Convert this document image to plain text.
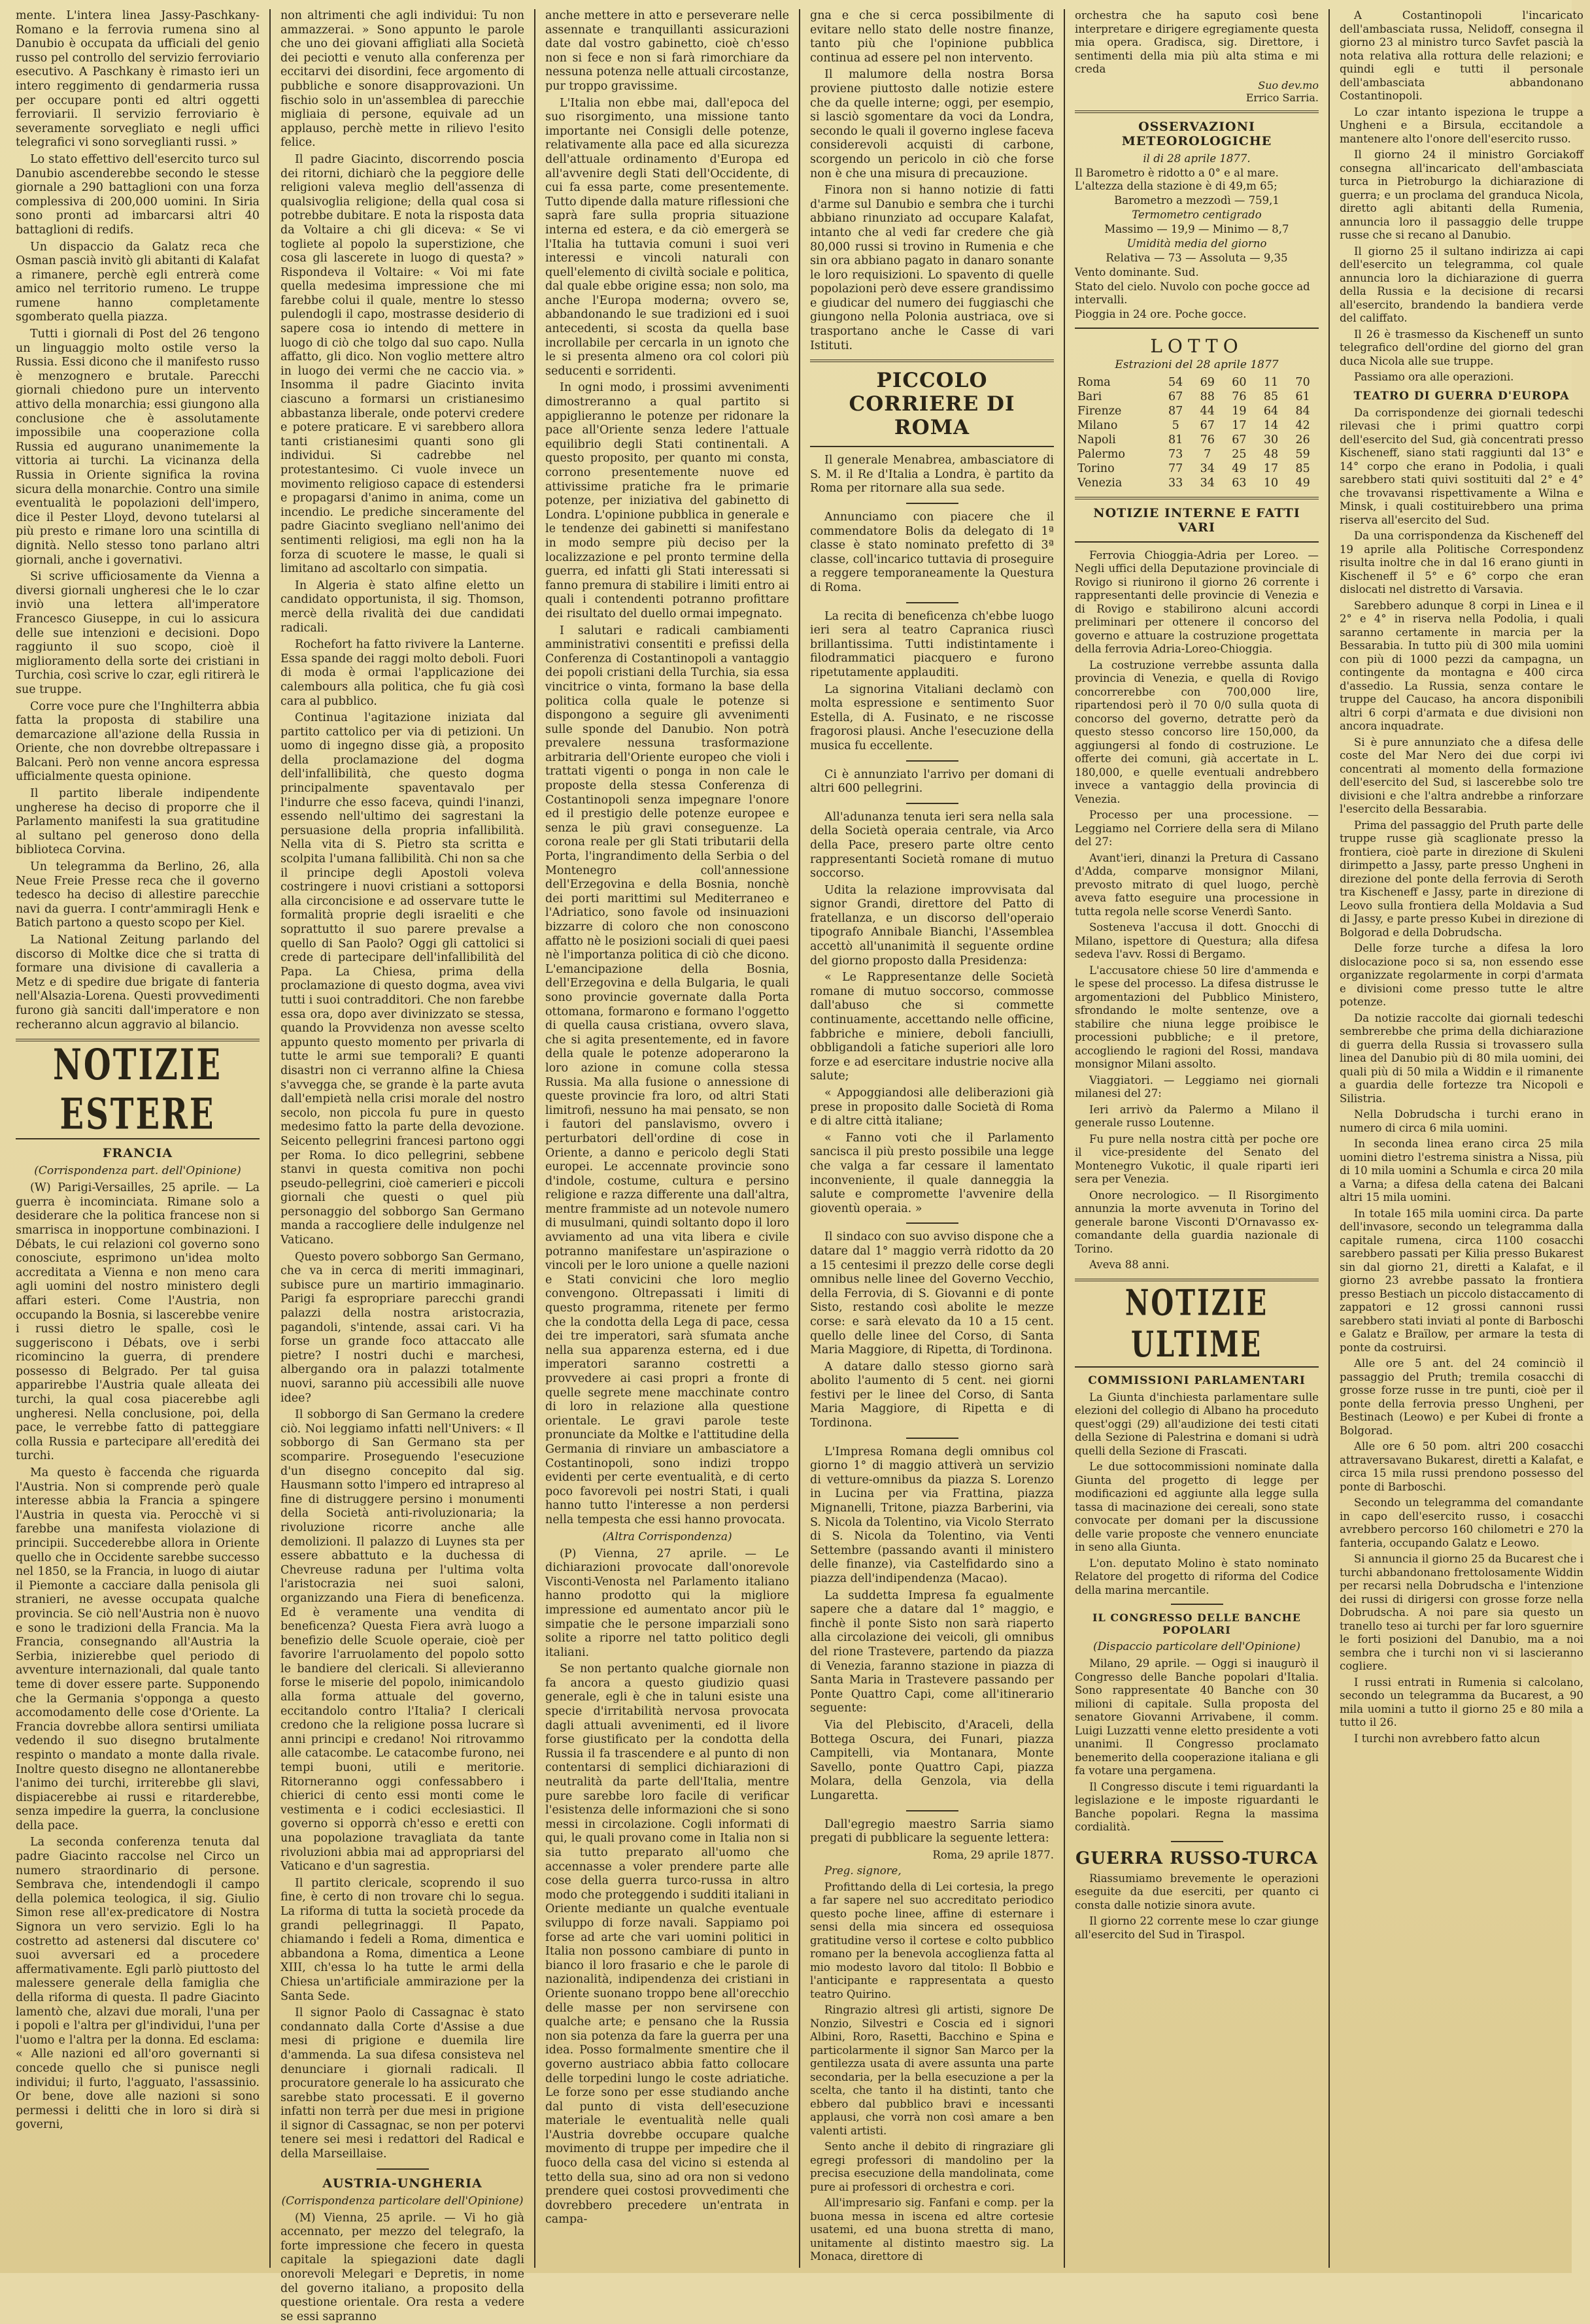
mente. L'intera linea Jassy-Paschkany-Romano e la ferrovia rumena sino al Danubio è occupata da ufficiali del genio russo pel controllo del servizio ferroviario esecutivo. A Paschkany è rimasto ieri un intero reggimento di gendarmeria russa per occupare ponti ed altri oggetti ferroviarii. Il servizio ferroviario è severamente sorvegliato e negli uffici telegrafici vi sono sorveglianti russi. »

Lo stato effettivo dell'esercito turco sul Danubio ascenderebbe secondo le stesse giornale a 290 battaglioni con una forza complessiva di 200,000 uomini. In Siria sono pronti ad imbarcarsi altri 40 battaglioni di redifs.

Un dispaccio da Galatz reca che Osman pascià invitò gli abitanti di Kalafat a rimanere, perchè egli entrerà come amico nel territorio rumeno. Le truppe rumene hanno completamente sgomberato quella piazza.

Tutti i giornali di Post del 26 tengono un linguaggio molto ostile verso la Russia. Essi dicono che il manifesto russo è menzognero e brutale. Parecchi giornali chiedono pure un intervento attivo della monarchia; essi giungono alla conclusione che è assolutamente impossibile una cooperazione colla Russia ed augurano unanimemente la vittoria ai turchi. La vicinanza della Russia in Oriente significa la rovina sicura della monarchie. Contro una simile eventualità le popolazioni dell'impero, dice il Pester Lloyd, devono tutelarsi al più presto e rimane loro una scintilla di dignità. Nello stesso tono parlano altri giornali, anche i governativi.

Si scrive ufficiosamente da Vienna a diversi giornali ungheresi che le lo czar inviò una lettera all'imperatore Francesco Giuseppe, in cui lo assicura delle sue intenzioni e decisioni. Dopo raggiunto il suo scopo, cioè il miglioramento della sorte dei cristiani in Turchia, così scrive lo czar, egli ritirerà le sue truppe.

Corre voce pure che l'Inghilterra abbia fatta la proposta di stabilire una demarcazione all'azione della Russia in Oriente, che non dovrebbe oltrepassare i Balcani. Però non venne ancora espressa ufficialmente questa opinione.

Il partito liberale indipendente ungherese ha deciso di proporre che il Parlamento manifesti la sua gratitudine al sultano pel generoso dono della biblioteca Corvina.

Un telegramma da Berlino, 26, alla Neue Freie Presse reca che il governo tedesco ha deciso di allestire parecchie navi da guerra. I contr'ammiragli Henk e Batich partono a questo scopo per Kiel.

La National Zeitung parlando del discorso di Moltke dice che si tratta di formare una divisione di cavalleria a Metz e di spedire due brigate di fanteria nell'Alsazia-Lorena. Questi provvedimenti furono già sanciti dall'imperatore e non recheranno alcun aggravio al bilancio.

NOTIZIE ESTERE
FRANCIA
(Corrispondenza part. dell'Opinione)

(W) Parigi-Versailles, 25 aprile. — La guerra è incominciata. Rimane solo a desiderare che la politica francese non si smarrisca in inopportune combinazioni. I Débats, le cui relazioni col governo sono conosciute, esprimono un'idea molto accreditata a Vienna e non meno cara agli uomini del nostro ministero degli affari esteri. Come l'Austria, non occupando la Bosnia, si lascerebbe venire i russi dietro le spalle, così le suggeriscono i Débats, ove i serbi ricomincino la guerra, di prendere possesso di Belgrado. Per tal guisa apparirebbe l'Austria quale alleata dei turchi, la qual cosa piacerebbe agli ungheresi. Nella conclusione, poi, della pace, le verrebbe fatto di patteggiare colla Russia e partecipare all'eredità dei turchi.

Ma questo è faccenda che riguarda l'Austria. Non si comprende però quale interesse abbia la Francia a spingere l'Austria in questa via. Perocchè vi si farebbe una manifesta violazione di principii. Succederebbe allora in Oriente quello che in Occidente sarebbe successo nel 1850, se la Francia, in luogo di aiutar il Piemonte a cacciare dalla penisola gli stranieri, ne avesse occupata qualche provincia. Se ciò nell'Austria non è nuovo e sono le tradizioni della Francia. Ma la Francia, consegnando all'Austria la Serbia, inizierebbe quel periodo di avventure internazionali, dal quale tanto teme di dover essere parte. Supponendo che la Germania s'opponga a questo accomodamento delle cose d'Oriente. La Francia dovrebbe allora sentirsi umiliata vedendo il suo disegno brutalmente respinto o mandato a monte dalla rivale. Inoltre questo disegno ne allontanerebbe l'animo dei turchi, irriterebbe gli slavi, dispiacerebbe ai russi e ritarderebbe, senza impedire la guerra, la conclusione della pace.

La seconda conferenza tenuta dal padre Giacinto raccolse nel Circo un numero straordinario di persone. Sembrava che, intendendogli il campo della polemica teologica, il sig. Giulio Simon rese all'ex-predicatore di Nostra Signora un vero servizio. Egli lo ha costretto ad astenersi dal discutere co' suoi avversari ed a procedere affermativamente. Egli parlò piuttosto del malessere generale della famiglia che della riforma di questa. Il padre Giacinto lamentò che, alzavi due morali, l'una per i popoli e l'altra per gl'individui, l'una per l'uomo e l'altra per la donna. Ed esclama: « Alle nazioni ed all'oro governanti si concede quello che si punisce negli individui; il furto, l'agguato, l'assassinio. Or bene, dove alle nazioni si sono permessi i delitti che in loro si dirà si governi,

non altrimenti che agli individui: Tu non ammazzerai. » Sono appunto le parole che uno dei giovani affigliati alla Società dei peciotti e venuto alla conferenza per eccitarvi dei disordini, fece argomento di pubbliche e sonore disapprovazioni. Un fischio solo in un'assemblea di parecchie migliaia di persone, equivale ad un applauso, perchè mette in rilievo l'esito felice.

Il padre Giacinto, discorrendo poscia dei ritorni, dichiarò che la peggiore delle religioni valeva meglio dell'assenza di qualsivoglia religione; della qual cosa si potrebbe dubitare. E nota la risposta data da Voltaire a chi gli diceva: « Se vi togliete al popolo la superstizione, che cosa gli lascerete in luogo di questa? » Rispondeva il Voltaire: « Voi mi fate quella medesima impressione che mi farebbe colui il quale, mentre lo stesso pulendogli il capo, mostrasse desiderio di sapere cosa io intendo di mettere in luogo di ciò che tolgo dal suo capo. Nulla affatto, gli dico. Non voglio mettere altro in luogo dei vermi che ne caccio via. » Insomma il padre Giacinto invita ciascuno a formarsi un cristianesimo abbastanza liberale, onde potervi credere e potere praticare. E vi sarebbero allora tanti cristianesimi quanti sono gli individui. Si cadrebbe nel protestantesimo. Ci vuole invece un movimento religioso capace di estendersi e propagarsi d'animo in anima, come un incendio. Le prediche sinceramente del padre Giacinto svegliano nell'animo dei sentimenti religiosi, ma egli non ha la forza di scuotere le masse, le quali si limitano ad ascoltarlo con simpatia.

In Algeria è stato alfine eletto un candidato opportunista, il sig. Thomson, mercè della rivalità dei due candidati radicali.

Rochefort ha fatto rivivere la Lanterne. Essa spande dei raggi molto deboli. Fuori di moda è ormai l'applicazione dei calembours alla politica, che fu già così cara al pubblico.

Continua l'agitazione iniziata dal partito cattolico per via di petizioni. Un uomo di ingegno disse già, a proposito della proclamazione del dogma dell'infallibilità, che questo dogma principalmente spaventavalo per l'indurre che esso faceva, quindi l'inanzi, essendo nell'ultimo dei sagrestani la persuasione della propria infallibilità. Nella vita di S. Pietro sta scritta e scolpita l'umana fallibilità. Chi non sa che il principe degli Apostoli voleva costringere i nuovi cristiani a sottoporsi alla circoncisione e ad osservare tutte le formalità proprie degli israeliti e che soprattutto il suo parere prevalse a quello di San Paolo? Oggi gli cattolici si crede di partecipare dell'infallibilità del Papa. La Chiesa, prima della proclamazione di questo dogma, avea vivi tutti i suoi contradditori. Che non farebbe essa ora, dopo aver divinizzato se stessa, quando la Provvidenza non avesse scelto appunto questo momento per privarla di tutte le armi sue temporali? E quanti disastri non ci verranno alfine la Chiesa s'avvegga che, se grande è la parte avuta dall'empietà nella crisi morale del nostro secolo, non piccola fu pure in questo medesimo fatto la parte della devozione. Seicento pellegrini francesi partono oggi per Roma. Io dico pellegrini, sebbene stanvi in questa comitiva non pochi pseudo-pellegrini, cioè camerieri e piccoli giornali che questi o quel più personaggio del sobborgo San Germano manda a raccogliere delle indulgenze nel Vaticano.

Questo povero sobborgo San Germano, che va in cerca di meriti immaginari, subisce pure un martirio immaginario. Parigi fa espropriare parecchi grandi palazzi della nostra aristocrazia, pagandoli, s'intende, assai cari. Vi ha forse un grande foco attaccato alle pietre? I nostri duchi e marchesi, albergando ora in palazzi totalmente nuovi, saranno più accessibili alle nuove idee?

Il sobborgo di San Germano la credere ciò. Noi leggiamo infatti nell'Univers: « Il sobborgo di San Germano sta per scomparire. Proseguendo l'esecuzione d'un disegno concepito dal sig. Hausmann sotto l'impero ed intrapreso al fine di distruggere persino i monumenti della Società anti-rivoluzionaria; la rivoluzione ricorre anche alle demolizioni. Il palazzo di Luynes sta per essere abbattuto e la duchessa di Chevreuse raduna per l'ultima volta l'aristocrazia nei suoi saloni, organizzando una Fiera di beneficenza. Ed è veramente una vendita di beneficenza? Questa Fiera avrà luogo a benefizio delle Scuole operaie, cioè per favorire l'arruolamento del popolo sotto le bandiere del clericali. Si allevieranno forse le miserie del popolo, inimicandolo alla forma attuale del governo, eccitandolo contro l'Italia? I clericali credono che la religione possa lucrare sì anni principi e credano! Noi ritrovammo alle catacombe. Le catacombe furono, nei tempi buoni, utili e meritorie. Ritorneranno oggi confessabbero i chierici di cento essi monti come le vestimenta e i codici ecclesiastici. Il governo si opporrà ch'esso e eretti con una popolazione travagliata da tante rivoluzioni abbia mai ad appropriarsi del Vaticano e d'un sagrestia.

Il partito clericale, scoprendo il suo fine, è certo di non trovare chi lo segua. La riforma di tutta la società procede da grandi pellegrinaggi. Il Papato, chiamando i fedeli a Roma, dimentica e abbandona a Roma, dimentica a Leone XIII, ch'essa lo ha tutte le armi della Chiesa un'artificiale ammirazione per la Santa Sede.

Il signor Paolo di Cassagnac è stato condannato dalla Corte d'Assise a due mesi di prigione e duemila lire d'ammenda. La sua difesa consisteva nel denunciare i giornali radicali. Il procuratore generale lo ha assicurato che sarebbe stato processati. E il governo infatti non terrà per due mesi in prigione il signor di Cassagnac, se non per potervi tenere sei mesi i redattori del Radical e della Marseillaise.

AUSTRIA-UNGHERIA
(Corrispondenza particolare dell'Opinione)

(M) Vienna, 25 aprile. — Vi ho già accennato, per mezzo del telegrafo, la forte impressione che fecero in questa capitale la spiegazioni date dagli onorevoli Melegari e Depretis, in nome del governo italiano, a proposito della questione orientale. Ora resta a vedere se essi sapranno

anche mettere in atto e perseverare nelle assennate e tranquillanti assicurazioni date dal vostro gabinetto, cioè ch'esso non si fece e non si farà rimorchiare da nessuna potenza nelle attuali circostanze, pur troppo gravissime.

L'Italia non ebbe mai, dall'epoca del suo risorgimento, una missione tanto importante nei Consigli delle potenze, relativamente alla pace ed alla sicurezza dell'attuale ordinamento d'Europa ed all'avvenire degli Stati dell'Occidente, di cui fa essa parte, come presentemente. Tutto dipende dalla mature riflessioni che saprà fare sulla propria situazione interna ed estera, e da ciò emergerà se l'Italia ha tuttavia comuni i suoi veri interessi e vincoli naturali con quell'elemento di civiltà sociale e politica, dal quale ebbe origine essa; non solo, ma anche l'Europa moderna; ovvero se, abbandonando le sue tradizioni ed i suoi antecedenti, si scosta da quella base incrollabile per cercarla in un ignoto che le si presenta almeno ora col colori più seducenti e sorridenti.

In ogni modo, i prossimi avvenimenti dimostreranno a qual partito si appiglieranno le potenze per ridonare la pace all'Oriente senza ledere l'attuale equilibrio degli Stati continentali. A questo proposito, per quanto mi consta, corrono presentemente nuove ed attivissime pratiche fra le primarie potenze, per iniziativa del gabinetto di Londra. L'opinione pubblica in generale e le tendenze dei gabinetti si manifestano in modo sempre più deciso per la localizzazione e pel pronto termine della guerra, ed infatti gli Stati interessati si fanno premura di stabilire i limiti entro ai quali i contendenti potranno profittare dei risultato del duello ormai impegnato.

I salutari e radicali cambiamenti amministrativi consentiti e prefissi della Conferenza di Costantinopoli a vantaggio dei popoli cristiani della Turchia, sia essa vincitrice o vinta, formano la base della politica colla quale le potenze si dispongono a seguire gli avvenimenti sulle sponde del Danubio. Non potrà prevalere nessuna trasformazione arbitraria dell'Oriente europeo che violi i trattati vigenti o ponga in non cale le proposte della stessa Conferenza di Costantinopoli senza impegnare l'onore ed il prestigio delle potenze europee e senza le più gravi conseguenze. La corona reale per gli Stati tributarii della Porta, l'ingrandimento della Serbia o del Montenegro coll'annessione dell'Erzegovina e della Bosnia, nonchè dei porti marittimi sul Mediterraneo e l'Adriatico, sono favole od insinuazioni bizzarre di coloro che non conoscono affatto nè le posizioni sociali di quei paesi nè l'importanza politica di ciò che dicono. L'emancipazione della Bosnia, dell'Erzegovina e della Bulgaria, le quali sono provincie governate dalla Porta ottomana, formarono e formano l'oggetto di quella causa cristiana, ovvero slava, che si agita presentemente, ed in favore della quale le potenze adoperarono la loro azione in comune colla stessa Russia. Ma alla fusione o annessione di queste provincie fra loro, od altri Stati limitrofi, nessuno ha mai pensato, se non i fautori del panslavismo, ovvero i perturbatori dell'ordine di cose in Oriente, a danno e pericolo degli Stati europei. Le accennate provincie sono d'indole, costume, cultura e persino religione e razza differente una dall'altra, mentre frammiste ad un notevole numero di musulmani, quindi soltanto dopo il loro avviamento ad una vita libera e civile potranno manifestare un'aspirazione o vincoli per le loro unione a quelle nazioni e Stati convicini che loro meglio convengono. Oltrepassati i limiti di questo programma, ritenete per fermo che la condotta della Lega di pace, cessa dei tre imperatori, sarà sfumata anche nella sua apparenza esterna, ed i due imperatori saranno costretti a provvedere ai casi propri a fronte di quelle segrete mene macchinate contro di loro in relazione alla questione orientale. Le gravi parole teste pronunciate da Moltke e l'attitudine della Germania di rinviare un ambasciatore a Costantinopoli, sono indizi troppo evidenti per certe eventualità, e di certo poco favorevoli pei nostri Stati, i quali hanno tutto l'interesse a non perdersi nella tempesta che essi hanno provocata.

(Altra Corrispondenza)

(P) Vienna, 27 aprile. — Le dichiarazioni provocate dall'onorevole Visconti-Venosta nel Parlamento italiano hanno prodotto qui la migliore impressione ed aumentato ancor più le simpatie che le persone imparziali sono solite a riporre nel tatto politico degli italiani.

Se non pertanto qualche giornale non fa ancora a questo giudizio quasi generale, egli è che in taluni esiste una specie d'irritabilità nervosa provocata dagli attuali avvenimenti, ed il livore forse giustificato per la condotta della Russia il fa trascendere e al punto di non contentarsi di semplici dichiarazioni di neutralità da parte dell'Italia, mentre pure sarebbe loro facile di verificar l'esistenza delle informazioni che si sono messi in circolazione. Cogli informati di qui, le quali provano come in Italia non si sia tutto preparato all'uomo che accennasse a voler prendere parte alle cose della guerra turco-russa in altro modo che proteggendo i sudditi italiani in Oriente mediante un qualche eventuale sviluppo di forze navali. Sappiamo poi forse ad arte che vari uomini politici in Italia non possono cambiare di punto in bianco il loro frasario e che le parole di nazionalità, indipendenza dei cristiani in Oriente suonano troppo bene all'orecchio delle masse per non servirsene con qualche arte; e pensano che la Russia non sia potenza da fare la guerra per una idea. Posso formalmente smentire che il governo austriaco abbia fatto collocare delle torpedini lungo le coste adriatiche. Le forze sono per esse studiando anche dal punto di vista dell'esecuzione materiale le eventualità nelle quali l'Austria dovrebbe occupare qualche movimento di truppe per impedire che il fuoco della casa del vicino si estenda al tetto della sua, sino ad ora non si vedono prendere quei costosi provvedimenti che dovrebbero precedere un'entrata in campa-

gna e che si cerca possibilmente di evitare nello stato delle nostre finanze, tanto più che l'opinione pubblica continua ad essere pel non intervento.

Il malumore della nostra Borsa proviene piuttosto dalle notizie estere che da quelle interne; oggi, per esempio, si lasciò sgomentare da voci da Londra, secondo le quali il governo inglese faceva considerevoli acquisti di carbone, scorgendo un pericolo in ciò che forse non è che una misura di precauzione.

Finora non si hanno notizie di fatti d'arme sul Danubio e sembra che i turchi abbiano rinunziato ad occupare Kalafat, intanto che al vedi far credere che già 80,000 russi si trovino in Rumenia e che sin ora abbiano pagato in danaro sonante le loro requisizioni. Lo spavento di quelle popolazioni però deve essere grandissimo e giudicar del numero dei fuggiaschi che giungono nella Polonia austriaca, ove si trasportano anche le Casse di vari Istituti.

PICCOLO CORRIERE DI ROMA

Il generale Menabrea, ambasciatore di S. M. il Re d'Italia a Londra, è partito da Roma per ritornare alla sua sede.

Annunciamo con piacere che il commendatore Bolis da delegato di 1ª classe è stato nominato prefetto di 3ª classe, coll'incarico tuttavia di proseguire a reggere temporaneamente la Questura di Roma.

La recita di beneficenza ch'ebbe luogo ieri sera al teatro Capranica riuscì brillantissima. Tutti indistintamente i filodrammatici piacquero e furono ripetutamente applauditi.

La signorina Vitaliani declamò con molta espressione e sentimento Suor Estella, di A. Fusinato, e ne riscosse fragorosi plausi. Anche l'esecuzione della musica fu eccellente.

Ci è annunziato l'arrivo per domani di altri 600 pellegrini.

All'adunanza tenuta ieri sera nella sala della Società operaia centrale, via Arco della Pace, presero parte oltre cento rappresentanti Società romane di mutuo soccorso.

Udita la relazione improvvisata dal signor Grandi, direttore del Patto di fratellanza, e un discorso dell'operaio tipografo Annibale Bianchi, l'Assemblea accettò all'unanimità il seguente ordine del giorno proposto dalla Presidenza:

« Le Rappresentanze delle Società romane di mutuo soccorso, commosse dall'abuso che si commette continuamente, accettando nelle officine, fabbriche e miniere, deboli fanciulli, obbligandoli a fatiche superiori alle loro forze e ad esercitare industrie nocive alla salute;

« Appoggiandosi alle deliberazioni già prese in proposito dalle Società di Roma e di altre città italiane;

« Fanno voti che il Parlamento sancisca il più presto possibile una legge che valga a far cessare il lamentato inconveniente, il quale danneggia la salute e compromette l'avvenire della gioventù operaia. »

Il sindaco con suo avviso dispone che a datare dal 1° maggio verrà ridotto da 20 a 15 centesimi il prezzo delle corse degli omnibus nelle linee del Governo Vecchio, della Ferrovia, di S. Giovanni e di ponte Sisto, restando così abolite le mezze corse: e sarà elevato da 10 a 15 cent. quello delle linee del Corso, di Santa Maria Maggiore, di Ripetta, di Tordinona.

A datare dallo stesso giorno sarà abolito l'aumento di 5 cent. nei giorni festivi per le linee del Corso, di Santa Maria Maggiore, di Ripetta e di Tordinona.

L'Impresa Romana degli omnibus col giorno 1° di maggio attiverà un servizio di vetture-omnibus da piazza S. Lorenzo in Lucina per via Frattina, piazza Mignanelli, Tritone, piazza Barberini, via S. Nicola da Tolentino, via Vicolo Sterrato di S. Nicola da Tolentino, via Venti Settembre (passando avanti il ministero delle finanze), via Castelfidardo sino a piazza dell'indipendenza (Macao).

La suddetta Impresa fa egualmente sapere che a datare dal 1° maggio, e finchè il ponte Sisto non sarà riaperto alla circolazione dei veicoli, gli omnibus del rione Trastevere, partendo da piazza di Venezia, faranno stazione in piazza di Santa Maria in Trastevere passando per Ponte Quattro Capi, come all'itinerario seguente:

Via del Plebiscito, d'Araceli, della Bottega Oscura, dei Funari, piazza Campitelli, via Montanara, Monte Savello, ponte Quattro Capi, piazza Molara, della Genzola, via della Lungaretta.

Dall'egregio maestro Sarria siamo pregati di pubblicare la seguente lettera:

Roma, 29 aprile 1877.

Preg. signore,

Profittando della di Lei cortesia, la prego a far sapere nel suo accreditato periodico questo poche linee, affine di esternare i sensi della mia sincera ed ossequiosa gratitudine verso il cortese e colto pubblico romano per la benevola accoglienza fatta al mio modesto lavoro dal titolo: Il Bobbio e l'anticipante e rappresentata a questo teatro Quirino.

Ringrazio altresì gli artisti, signore De Nonzio, Silvestri e Coscia ed i signori Albini, Roro, Rasetti, Bacchino e Spina e particolarmente il signor San Marco per la gentilezza usata di avere assunta una parte secondaria, per la bella esecuzione a per la scelta, che tanto il ha distinti, tanto che ebbero dal pubblico bravi e incessanti applausi, che vorrà non così amare a ben valenti artisti.

Sento anche il debito di ringraziare gli egregi professori di mandolino per la precisa esecuzione della mandolinata, come pure ai professori di orchestra e cori.

All'impresario sig. Fanfani e comp. per la buona messa in iscena ed altre cortesie usatemi, ed una buona stretta di mano, unitamente al distinto maestro sig. La Monaca, direttore di

orchestra che ha saputo così bene interpretare e dirigere egregiamente questa mia opera. Gradisca, sig. Direttore, i sentimenti della mia più alta stima e mi creda

Suo dev.mo
Errico Sarria.
OSSERVAZIONI METEOROLOGICHE

il di 28 aprile 1877.

Il Barometro è ridotto a 0° e al mare. L'altezza della stazione è di 49,m 65;

Barometro a mezzodì — 759,1

Termometro centigrado

Massimo — 19,9 — Minimo — 8,7

Umidità media del giorno

Relativa — 73 — Assoluta — 9,35

Vento dominante. Sud.

Stato del cielo. Nuvolo con poche gocce ad intervalli.

Pioggia in 24 ore. Poche gocce.

LOTTO
Estrazioni del 28 aprile 1877
Roma	54	69	60	11	70
Bari	67	88	76	85	61
Firenze	87	44	19	64	84
Milano	5	67	17	14	42
Napoli	81	76	67	30	26
Palermo	73	7	25	48	59
Torino	77	34	49	17	85
Venezia	33	34	63	10	49
NOTIZIE INTERNE E FATTI VARI

Ferrovia Chioggia-Adria per Loreo. — Negli uffici della Deputazione provinciale di Rovigo si riunirono il giorno 26 corrente i rappresentanti delle provincie di Venezia e di Rovigo e stabilirono alcuni accordi preliminari per ottenere il concorso del governo e attuare la costruzione progettata della ferrovia Adria-Loreo-Chioggia.

La costruzione verrebbe assunta dalla provincia di Venezia, e quella di Rovigo concorrerebbe con 700,000 lire, ripartendosi però il 70 0/0 sulla quota di concorso del governo, detratte però da questo stesso concorso lire 150,000, da aggiungersi al fondo di costruzione. Le offerte dei comuni, già accertate in L. 180,000, e quelle eventuali andrebbero invece a vantaggio della provincia di Venezia.

Processo per una processione. — Leggiamo nel Corriere della sera di Milano del 27:

Avant'ieri, dinanzi la Pretura di Cassano d'Adda, comparve monsignor Milani, prevosto mitrato di quel luogo, perchè aveva fatto eseguire una processione in tutta regola nelle scorse Venerdì Santo.

Sosteneva l'accusa il dott. Gnocchi di Milano, ispettore di Questura; alla difesa sedeva l'avv. Rossi di Bergamo.

L'accusatore chiese 50 lire d'ammenda e le spese del processo. La difesa distrusse le argomentazioni del Pubblico Ministero, sfrondando le molte sentenze, ove a stabilire che niuna legge proibisce le processioni pubbliche; e il pretore, accogliendo le ragioni del Rossi, mandava monsignor Milani assolto.

Viaggiatori. — Leggiamo nei giornali milanesi del 27:

Ieri arrivò da Palermo a Milano il generale russo Loutenne.

Fu pure nella nostra città per poche ore il vice-presidente del Senato del Montenegro Vukotic, il quale riparti ieri sera per Venezia.

Onore necrologico. — Il Risorgimento annunzia la morte avvenuta in Torino del generale barone Visconti D'Ornavasso ex-comandante della guardia nazionale di Torino.

Aveva 88 anni.

NOTIZIE ULTIME
COMMISSIONI PARLAMENTARI

La Giunta d'inchiesta parlamentare sulle elezioni del collegio di Albano ha proceduto quest'oggi (29) all'audizione dei testi citati della Sezione di Palestrina e domani si udrà quelli della Sezione di Frascati.

Le due sottocommissioni nominate dalla Giunta del progetto di legge per modificazioni ed aggiunte alla legge sulla tassa di macinazione dei cereali, sono state convocate per domani per la discussione delle varie proposte che vennero enunciate in seno alla Giunta.

L'on. deputato Molino è stato nominato Relatore del progetto di riforma del Codice della marina mercantile.

IL CONGRESSO DELLE BANCHE POPOLARI
(Dispaccio particolare dell'Opinione)

Milano, 29 aprile. — Oggi si inaugurò il Congresso delle Banche popolari d'Italia. Sono rappresentate 40 Banche con 30 milioni di capitale. Sulla proposta del senatore Giovanni Arrivabene, il comm. Luigi Luzzatti venne eletto presidente a voti unanimi. Il Congresso proclamato benemerito della cooperazione italiana e gli fa votare una pergamena.

Il Congresso discute i temi riguardanti la legislazione e le imposte riguardanti le Banche popolari. Regna la massima cordialità.

GUERRA RUSSO-TURCA

Riassumiamo brevemente le operazioni eseguite da due eserciti, per quanto ci consta dalle notizie sinora avute.

Il giorno 22 corrente mese lo czar giunge all'esercito del Sud in Tiraspol.

A Costantinopoli l'incaricato dell'ambasciata russa, Nelidoff, consegna il giorno 23 al ministro turco Savfet pascià la nota relativa alla rottura delle relazioni; e quindi egli e tutti il personale dell'ambasciata abbandonano Costantinopoli.

Lo czar intanto ispeziona le truppe a Ungheni e a Birsula, eccitandole a mantenere alto l'onore dell'esercito russo.

Il giorno 24 il ministro Gorciakoff consegna all'incaricato dell'ambasciata turca in Pietroburgo la dichiarazione di guerra; e un proclama del granduca Nicola, diretto agli abitanti della Rumenia, annuncia loro il passaggio delle truppe russe che si recano al Danubio.

Il giorno 25 il sultano indirizza ai capi dell'esercito un telegramma, col quale annuncia loro la dichiarazione di guerra della Russia e la decisione di recarsi all'esercito, brandendo la bandiera verde del califfato.

Il 26 è trasmesso da Kischeneff un sunto telegrafico dell'ordine del giorno del gran duca Nicola alle sue truppe.

Passiamo ora alle operazioni.

TEATRO DI GUERRA D'EUROPA

Da corrispondenze dei giornali tedeschi rilevasi che i primi quattro corpi dell'esercito del Sud, già concentrati presso Kischeneff, siano stati raggiunti dal 13° e 14° corpo che erano in Podolia, i quali sarebbero stati quivi sostituiti dal 2° e 4° che trovavansi rispettivamente a Wilna e Minsk, i quali costituirebbero una prima riserva all'esercito del Sud.

Da una corrispondenza da Kischeneff del 19 aprile alla Politische Correspondenz risulta inoltre che in dal 16 erano giunti in Kischeneff il 5° e 6° corpo che eran dislocati nel distretto di Varsavia.

Sarebbero adunque 8 corpi in Linea e il 2° e 4° in riserva nella Podolia, i quali saranno certamente in marcia per la Bessarabia. In tutto più di 300 mila uomini con più di 1000 pezzi da campagna, un contingente da montagna e 400 circa d'assedio. La Russia, senza contare le truppe del Caucaso, ha ancora disponibili altri 6 corpi d'armata e due divisioni non ancora inquadrate.

Si è pure annunziato che a difesa delle coste del Mar Nero dei due corpi ivi concentrati al momento della formazione dell'esercito del Sud, si lascerebbe solo tre divisioni e che l'altra andrebbe a rinforzare l'esercito della Bessarabia.

Prima del passaggio del Pruth parte delle truppe russe già scaglionate presso la frontiera, cioè parte in direzione di Skuleni dirimpetto a Jassy, parte presso Ungheni in direzione del ponte della ferrovia di Seroth tra Kischeneff e Jassy, parte in direzione di Leovo sulla frontiera della Moldavia a Sud di Jassy, e parte presso Kubei in direzione di Bolgorad e della Dobrudscha.

Delle forze turche a difesa la loro dislocazione poco si sa, non essendo esse organizzate regolarmente in corpi d'armata e divisioni come presso tutte le altre potenze.

Da notizie raccolte dai giornali tedeschi sembrerebbe che prima della dichiarazione di guerra della Russia si trovassero sulla linea del Danubio più di 80 mila uomini, dei quali più di 50 mila a Widdin e il rimanente a guardia delle fortezze tra Nicopoli e Silistria.

Nella Dobrudscha i turchi erano in numero di circa 6 mila uomini.

In seconda linea erano circa 25 mila uomini dietro l'estrema sinistra a Nissa, più di 10 mila uomini a Schumla e circa 20 mila a Varna; a difesa della catena dei Balcani altri 15 mila uomini.

In totale 165 mila uomini circa. Da parte dell'invasore, secondo un telegramma dalla capitale rumena, circa 1100 cosacchi sarebbero passati per Kilia presso Bukarest sin dal giorno 21, diretti a Kalafat, e il giorno 23 avrebbe passato la frontiera presso Bestiach un piccolo distaccamento di zappatori e 12 grossi cannoni russi sarebbero stati inviati al ponte di Barboschi e Galatz e Braïlow, per armare la testa di ponte da costruirsi.

Alle ore 5 ant. del 24 cominciò il passaggio del Pruth; tremila cosacchi di grosse forze russe in tre punti, cioè per il ponte della ferrovia presso Ungheni, per Bestinach (Leowo) e per Kubei di fronte a Bolgorad.

Alle ore 6 50 pom. altri 200 cosacchi attraversavano Bukarest, diretti a Kalafat, e circa 15 mila russi prendono possesso del ponte di Barboschi.

Secondo un telegramma del comandante in capo dell'esercito russo, i cosacchi avrebbero percorso 160 chilometri e 270 la fanteria, occupando Galatz e Leowo.

Si annuncia il giorno 25 da Bucarest che i turchi abbandonano frettolosamente Widdin per recarsi nella Dobrudscha e l'intenzione dei russi di dirigersi con grosse forze nella Dobrudscha. A noi pare sia questo un tranello teso ai turchi per far loro sguernire le forti posizioni del Danubio, ma a noi sembra che i turchi non vi si lascieranno cogliere.

I russi entrati in Rumenia si calcolano, secondo un telegramma da Bucarest, a 90 mila uomini a tutto il giorno 25 e 80 mila a tutto il 26.

I turchi non avrebbero fatto alcun
